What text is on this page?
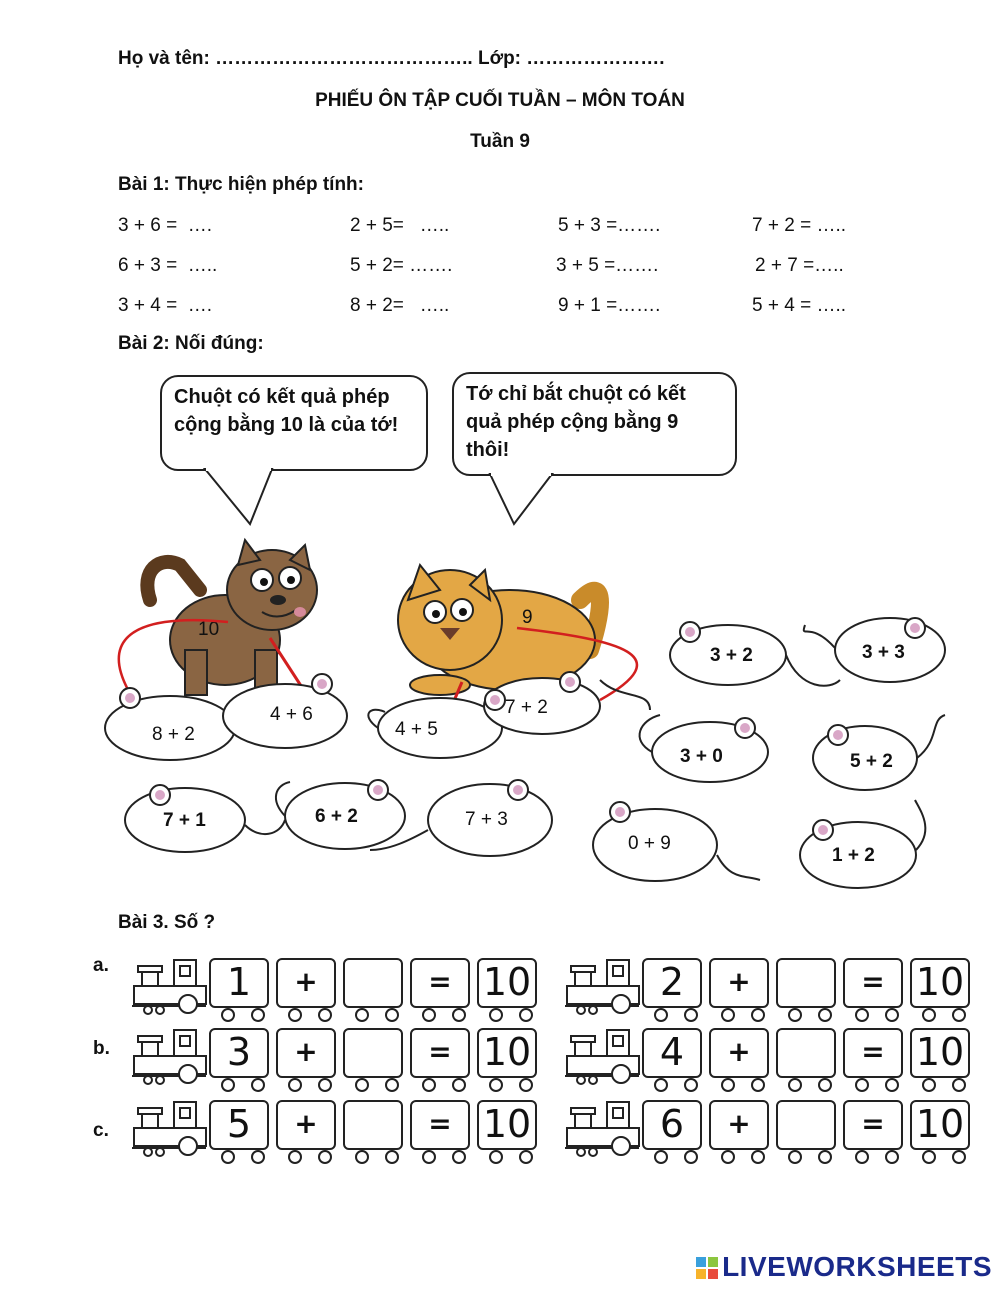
Họ và tên: ………………………………….. Lớp: ………………….
PHIẾU ÔN TẬP CUỐI TUẦN – MÔN TOÁN
Tuần 9
Bài 1: Thực hiện phép tính:
3 + 6 =  ….	2 + 5=   …..	5 + 3 =…….	7 + 2 = …..
6 + 3 =  …..	5 + 2= …….	3 + 5 =…….	2 + 7 =…..
3 + 4 =  ….	8 + 2=   …..	9 + 1 =…….	5 + 4 = …..
Bài 2: Nối đúng:
Chuột có kết quả phép cộng bằng 10 là của tớ!
Tớ chỉ bắt chuột có kết quả phép cộng bằng 9 thôi!
10
9
8 + 2
4 + 6
4 + 5
7 + 2
3 + 2	3 + 3
3 + 0	5 + 2
7 + 1	6 + 2	7 + 3
0 + 9
1 + 2
Bài 3. Số ?
a.
b.
c.
1	+	= 10	2	+	= 10
3	+	= 10	4	+	= 10
5	+	= 10	6	+	= 10
LIVEWORKSHEETS
